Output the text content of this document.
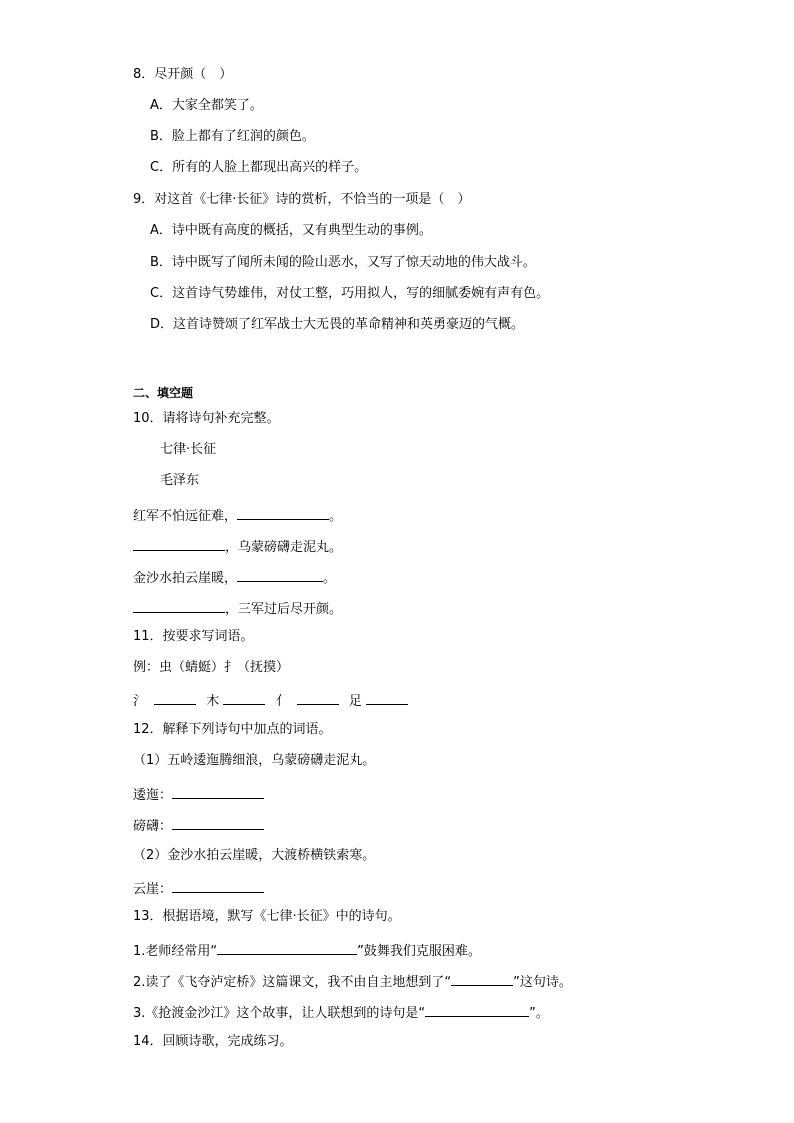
8．尽开颜（　）
A．大家全都笑了。
B．脸上都有了红润的颜色。
C．所有的人脸上都现出高兴的样子。
9．对这首《七律·长征》诗的赏析，不恰当的一项是（　）
A．诗中既有高度的概括，又有典型生动的事例。
B．诗中既写了闻所未闻的险山恶水，又写了惊天动地的伟大战斗。
C．这首诗气势雄伟，对仗工整，巧用拟人，写的细腻委婉有声有色。
D．这首诗赞颂了红军战士大无畏的革命精神和英勇豪迈的气概。
二、填空题
10．请将诗句补充完整。
七律·长征
毛泽东
红军不怕远征难，	。
，乌蒙磅礴走泥丸。
金沙水拍云崖暖，	。
，三军过后尽开颜。
11．按要求写词语。
例：虫（蜻蜓）扌（抚摸）
氵	木	亻	足
12．解释下列诗句中加点的词语。
（1）五岭逶迤腾细浪，乌蒙磅礴走泥丸。
逶迤：
磅礴：
（2）金沙水拍云崖暖，大渡桥横铁索寒。
云崖：
13．根据语境，默写《七律·长征》中的诗句。
1.老师经常用“	”鼓舞我们克服困难。
2.读了《飞夺泸定桥》这篇课文，我不由自主地想到了“	”这句诗。
3.《抢渡金沙江》这个故事，让人联想到的诗句是“	”。
14．回顾诗歌，完成练习。
